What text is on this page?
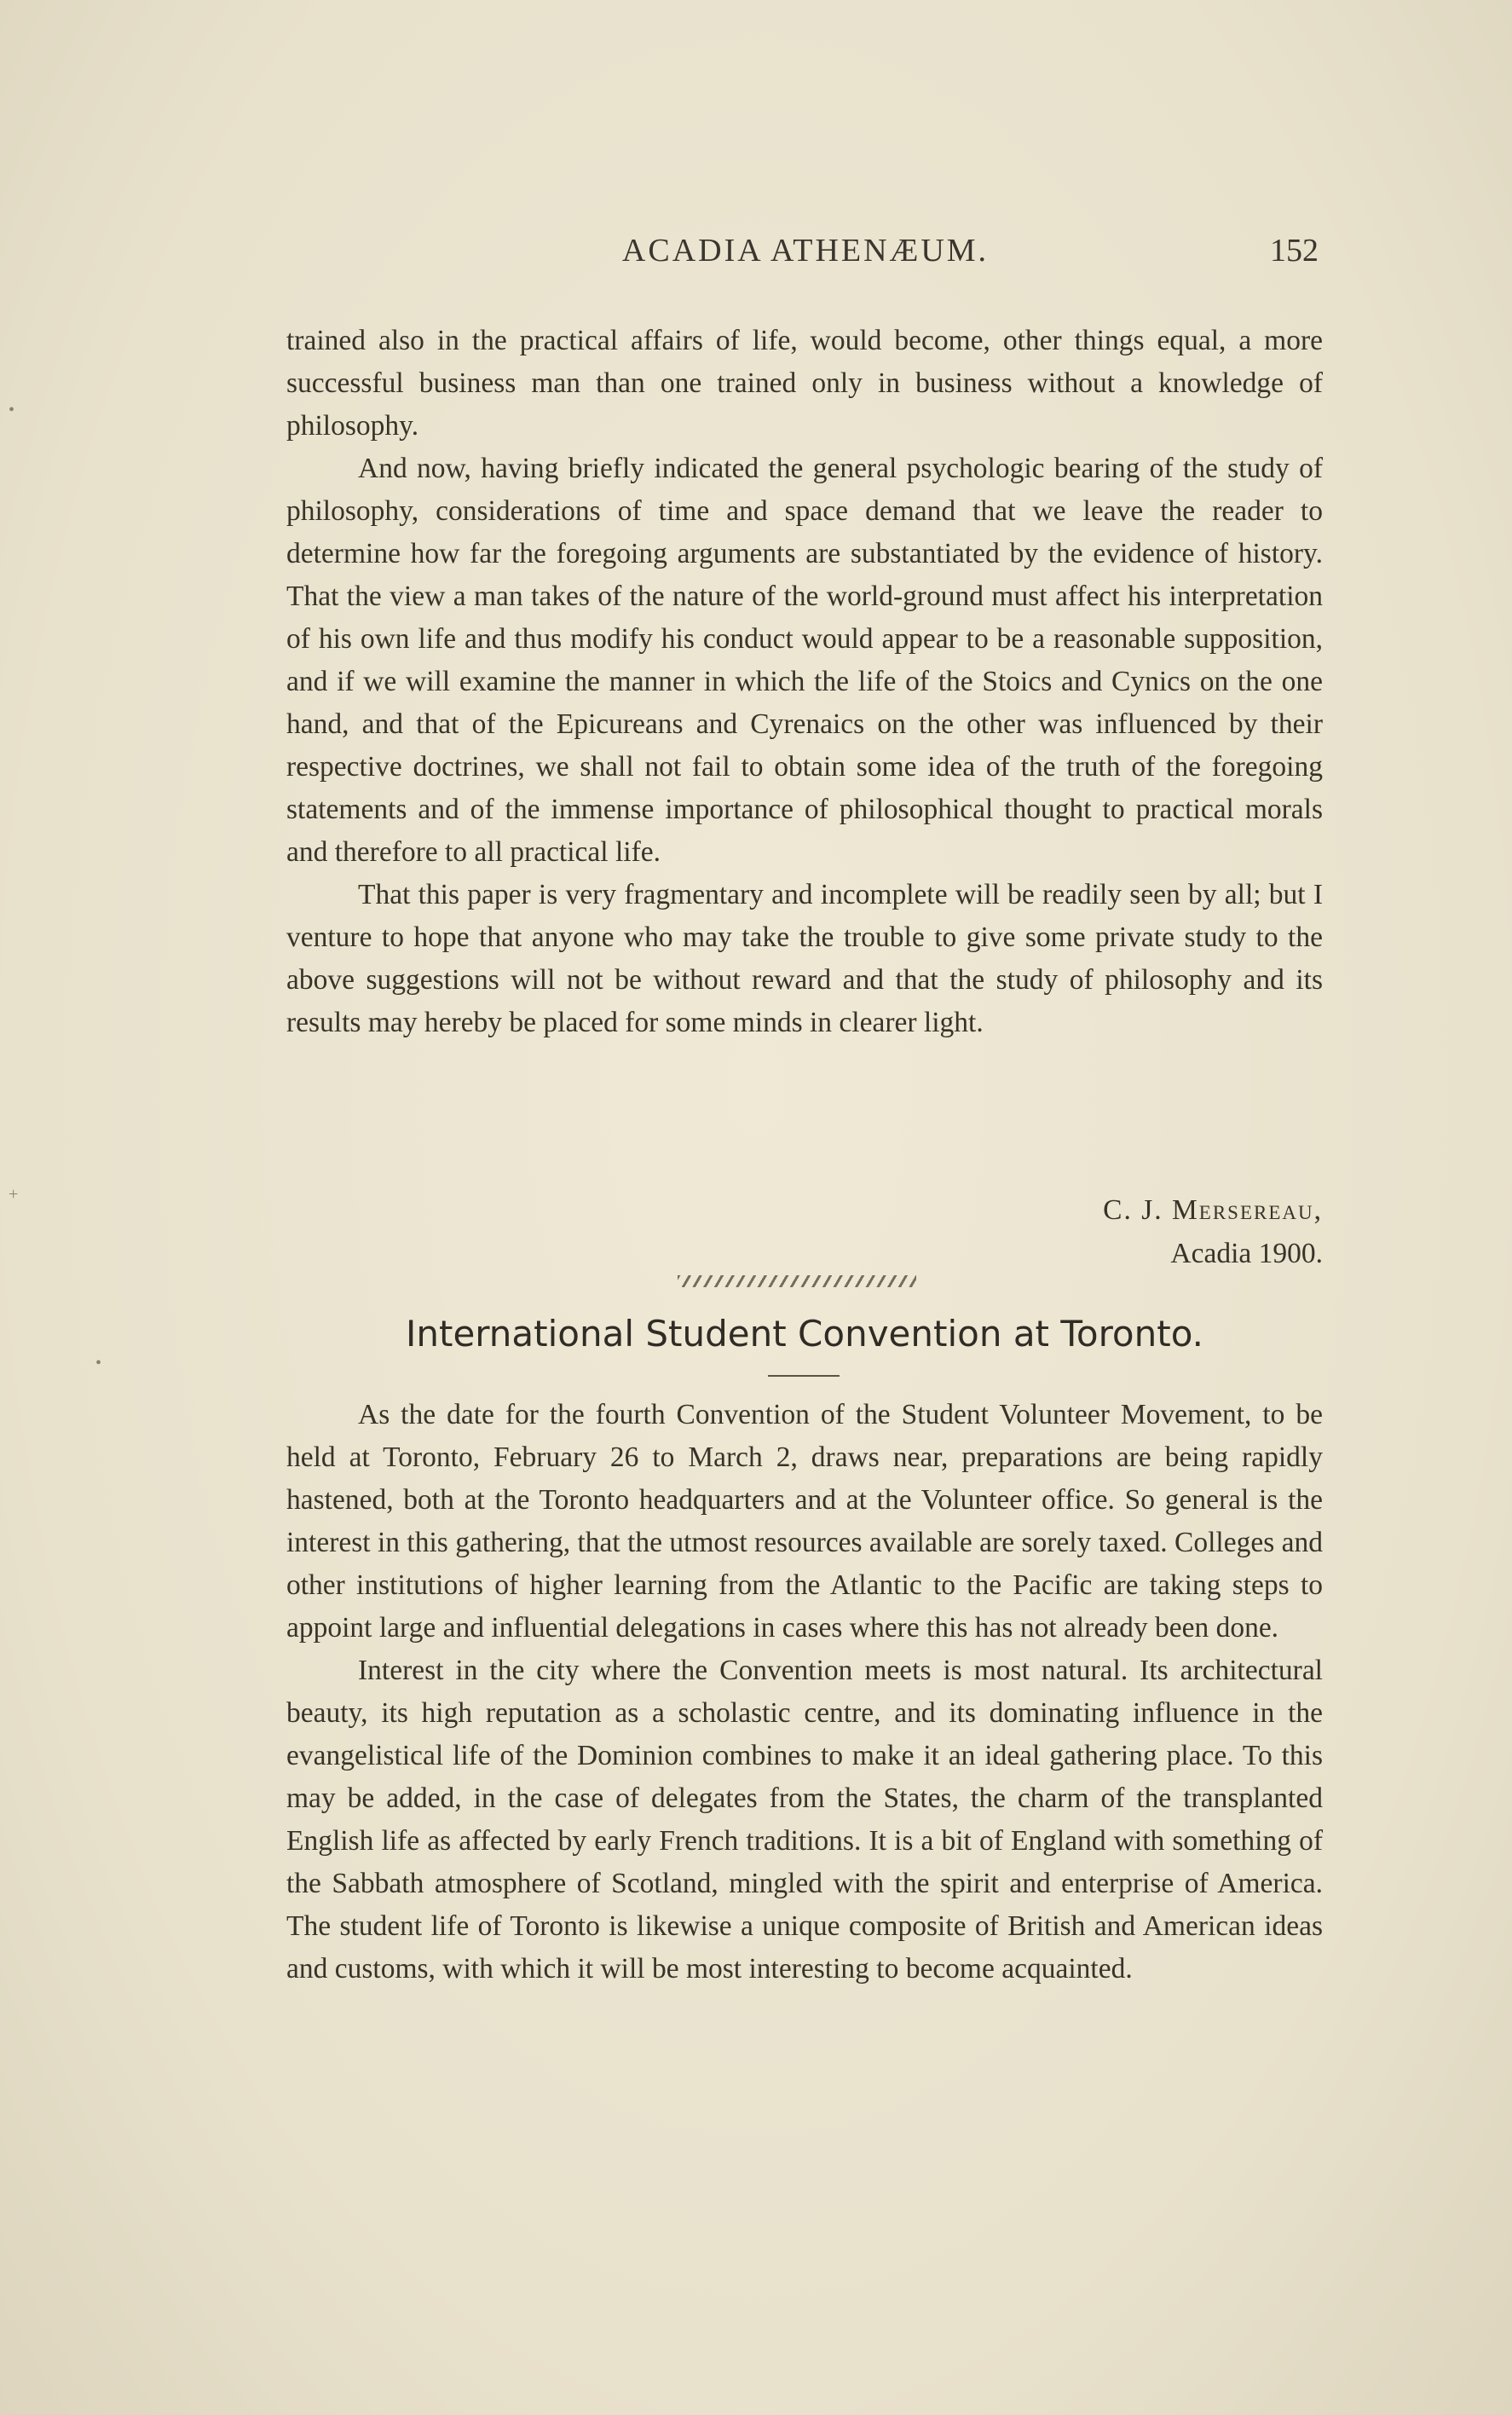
•
•
+
ACADIA ATHENÆUM.	152

trained also in the practical affairs of life, would become, other things equal, a more successful business man than one trained only in business without a knowledge of philosophy.

And now, having briefly indicated the general psychologic bearing of the study of philosophy, considerations of time and space demand that we leave the reader to determine how far the foregoing arguments are substantiated by the evidence of history. That the view a man takes of the nature of the world-ground must affect his interpretation of his own life and thus modify his conduct would appear to be a reasonable supposition, and if we will examine the manner in which the life of the Stoics and Cynics on the one hand, and that of the Epicureans and Cyrenaics on the other was influenced by their respective doctrines, we shall not fail to obtain some idea of the truth of the foregoing statements and of the immense importance of philosophical thought to practical morals and therefore to all practical life.

That this paper is very fragmentary and incomplete will be readily seen by all; but I venture to hope that anyone who may take the trouble to give some private study to the above suggestions will not be without reward and that the study of philosophy and its results may hereby be placed for some minds in clearer light.

C. J. Mersereau,
Acadia 1900.
International Student Convention at Toronto.

As the date for the fourth Convention of the Student Volunteer Movement, to be held at Toronto, February 26 to March 2, draws near, preparations are being rapidly hastened, both at the Toronto headquarters and at the Volunteer office. So general is the interest in this gathering, that the utmost resources available are sorely taxed. Colleges and other institutions of higher learning from the Atlantic to the Pacific are taking steps to appoint large and influential delegations in cases where this has not already been done.

Interest in the city where the Convention meets is most natural. Its architectural beauty, its high reputation as a scholastic centre, and its dominating influence in the evangelistical life of the Dominion combines to make it an ideal gathering place. To this may be added, in the case of delegates from the States, the charm of the transplanted English life as affected by early French traditions. It is a bit of England with something of the Sabbath atmosphere of Scotland, mingled with the spirit and enterprise of America. The student life of Toronto is likewise a unique composite of British and American ideas and customs, with which it will be most interesting to become acquainted.
